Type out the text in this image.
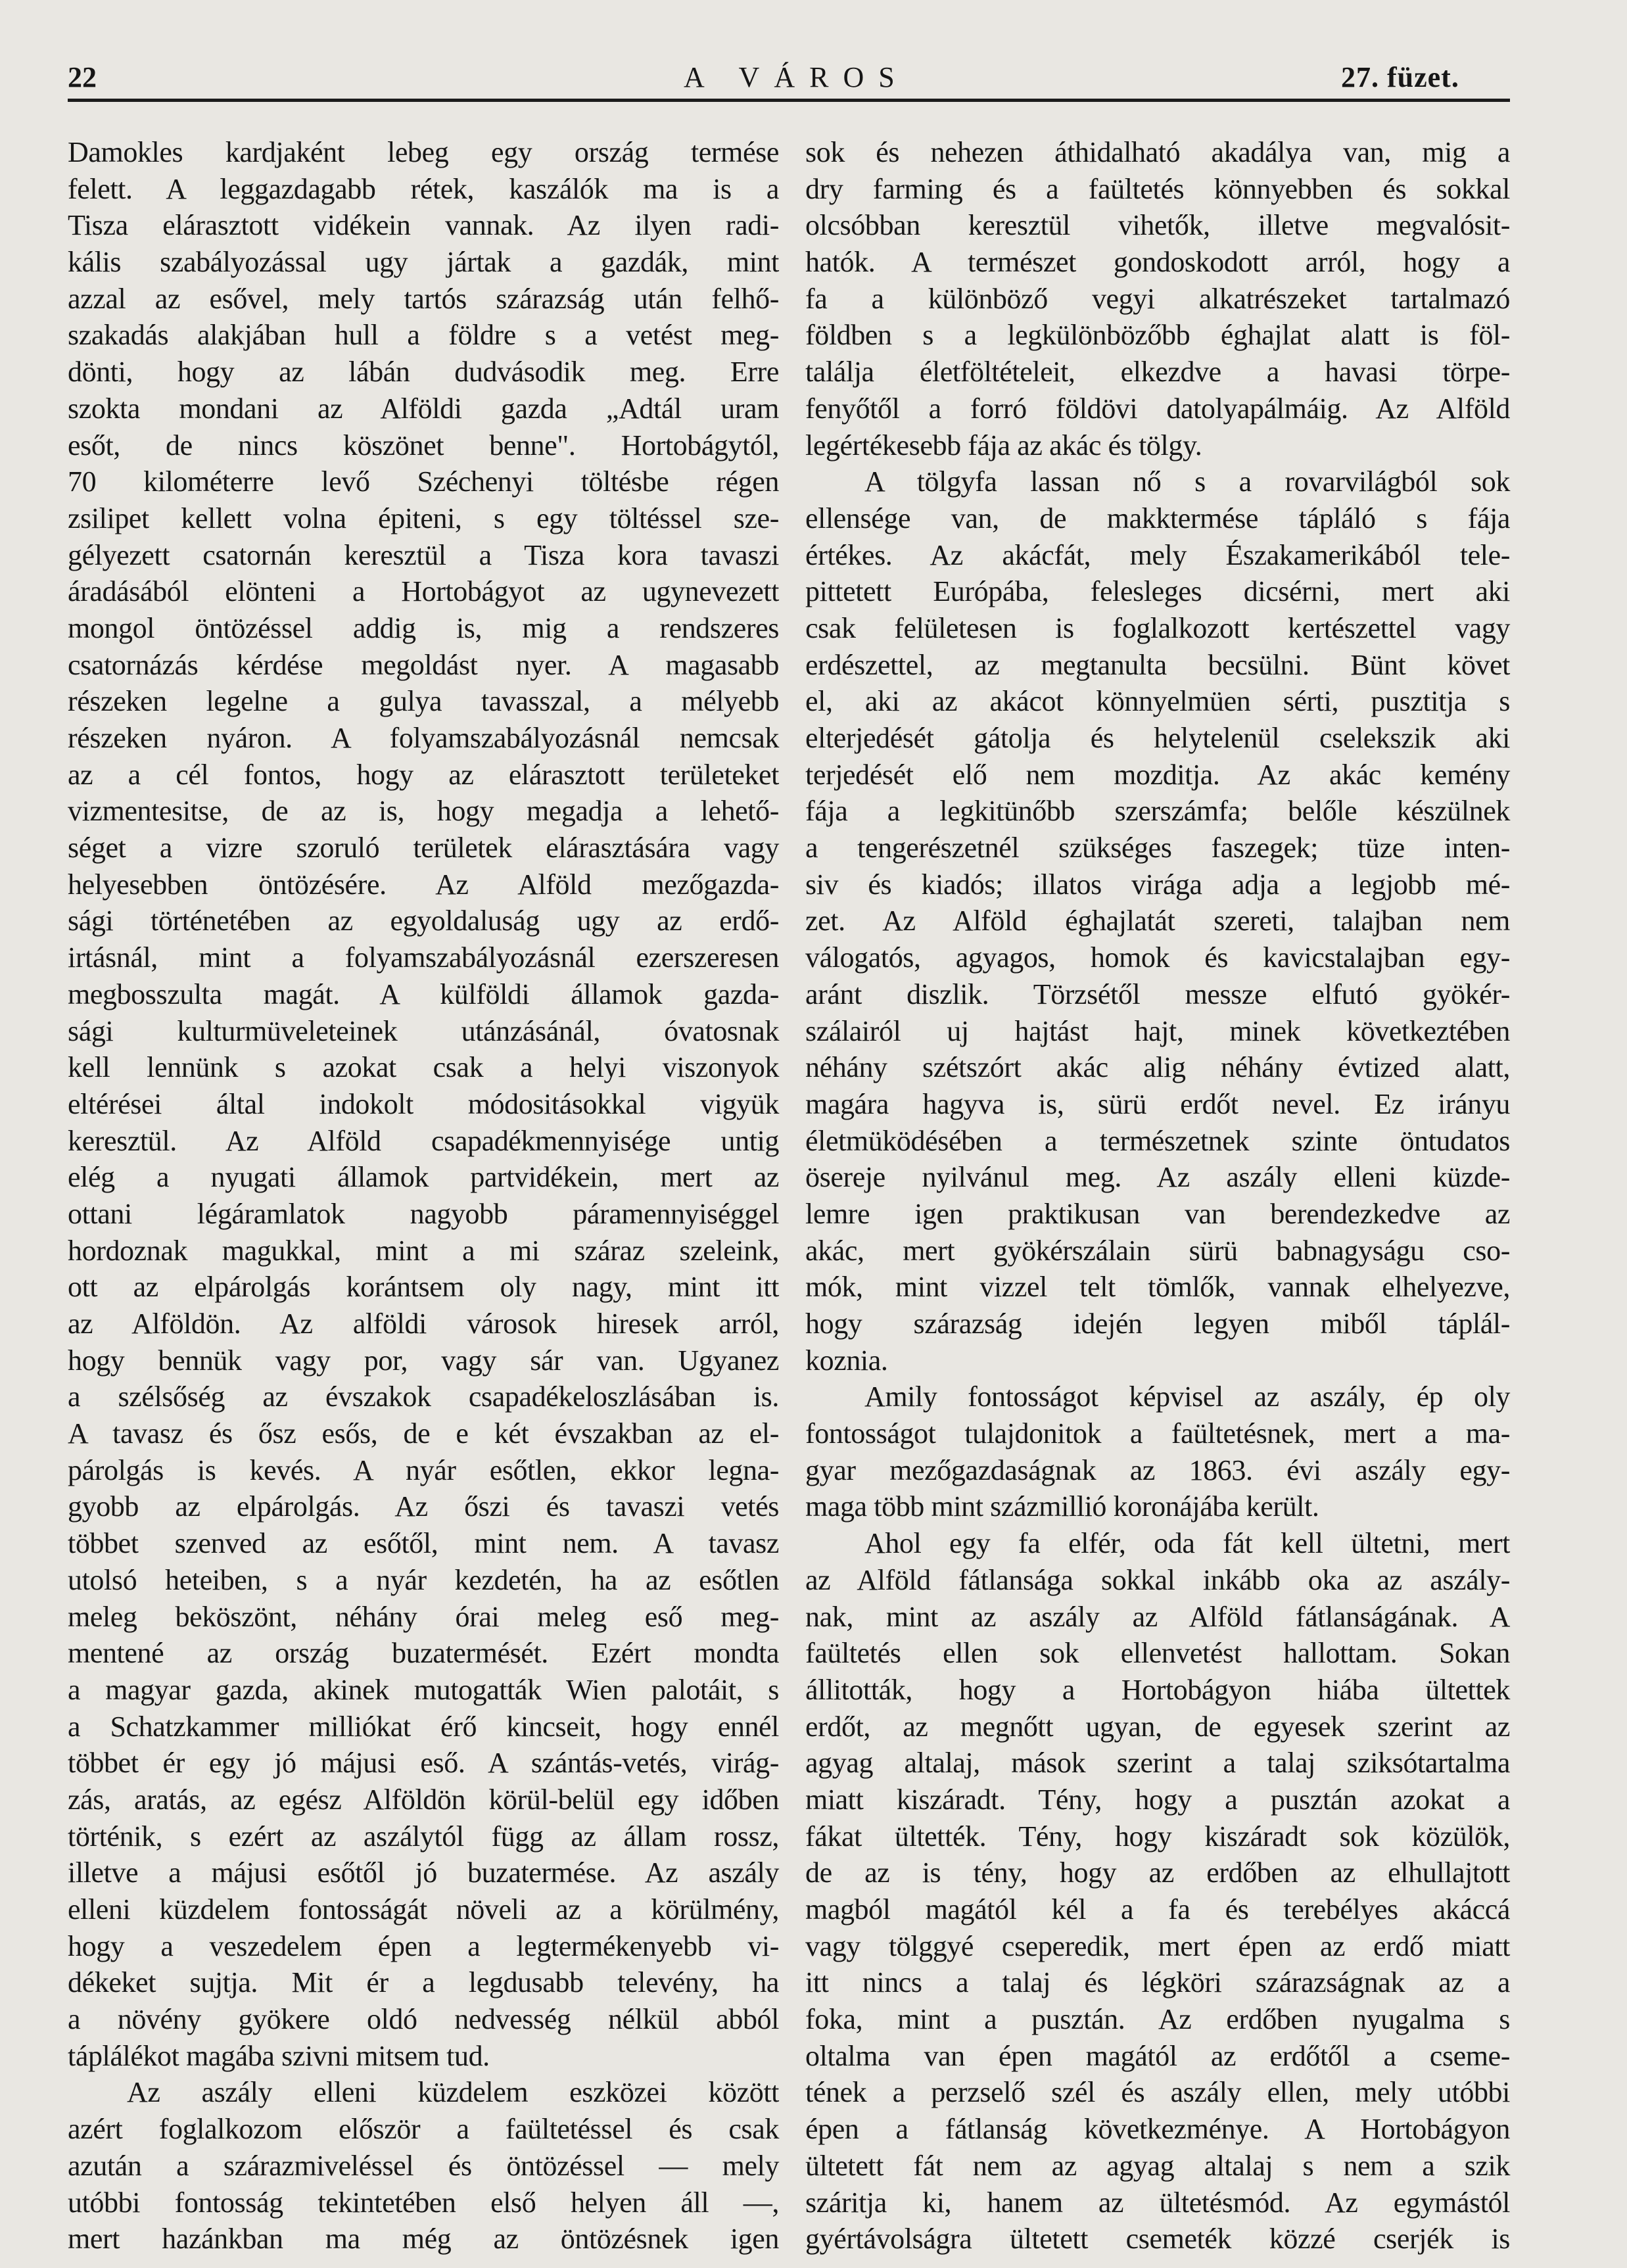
22	A VÁROS	27. füzet.
Damokles kardjaként lebeg egy ország termése
felett. A leggazdagabb rétek, kaszálók ma is a
Tisza elárasztott vidékein vannak. Az ilyen radi-
kális szabályozással ugy jártak a gazdák, mint
azzal az esővel, mely tartós szárazság után felhő-
szakadás alakjában hull a földre s a vetést meg-
dönti, hogy az lábán dudvásodik meg. Erre
szokta mondani az Alföldi gazda „Adtál uram
esőt, de nincs köszönet benne". Hortobágytól,
70 kilométerre levő Széchenyi töltésbe régen
zsilipet kellett volna épiteni, s egy töltéssel sze-
gélyezett csatornán keresztül a Tisza kora tavaszi
áradásából elönteni a Hortobágyot az ugynevezett
mongol öntözéssel addig is, mig a rendszeres
csatornázás kérdése megoldást nyer. A magasabb
részeken legelne a gulya tavasszal, a mélyebb
részeken nyáron. A folyamszabályozásnál nemcsak
az a cél fontos, hogy az elárasztott területeket
vizmentesitse, de az is, hogy megadja a lehető-
séget a vizre szoruló területek elárasztására vagy
helyesebben öntözésére. Az Alföld mezőgazda-
sági történetében az egyoldaluság ugy az erdő-
irtásnál, mint a folyamszabályozásnál ezerszeresen
megbosszulta magát. A külföldi államok gazda-
sági kulturmüveleteinek utánzásánál, óvatosnak
kell lennünk s azokat csak a helyi viszonyok
eltérései által indokolt módositásokkal vigyük
keresztül. Az Alföld csapadékmennyisége untig
elég a nyugati államok partvidékein, mert az
ottani légáramlatok nagyobb páramennyiséggel
hordoznak magukkal, mint a mi száraz szeleink,
ott az elpárolgás korántsem oly nagy, mint itt
az Alföldön. Az alföldi városok hiresek arról,
hogy bennük vagy por, vagy sár van. Ugyanez
a szélsőség az évszakok csapadékeloszlásában is.
A tavasz és ősz esős, de e két évszakban az el-
párolgás is kevés. A nyár esőtlen, ekkor legna-
gyobb az elpárolgás. Az őszi és tavaszi vetés
többet szenved az esőtől, mint nem. A tavasz
utolsó heteiben, s a nyár kezdetén, ha az esőtlen
meleg beköszönt, néhány órai meleg eső meg-
mentené az ország buzatermését. Ezért mondta
a magyar gazda, akinek mutogatták Wien palotáit, s
a Schatzkammer milliókat érő kincseit, hogy ennél
többet ér egy jó májusi eső. A szántás-vetés, virág-
zás, aratás, az egész Alföldön körül-belül egy időben
történik, s ezért az aszálytól függ az állam rossz,
illetve a májusi esőtől jó buzatermése. Az aszály
elleni küzdelem fontosságát növeli az a körülmény,
hogy a veszedelem épen a legtermékenyebb vi-
dékeket sujtja. Mit ér a legdusabb televény, ha
a növény gyökere oldó nedvesség nélkül abból
táplálékot magába szivni mitsem tud.
Az aszály elleni küzdelem eszközei között
azért foglalkozom először a faültetéssel és csak
azután a szárazmiveléssel és öntözéssel — mely
utóbbi fontosság tekintetében első helyen áll —,
mert hazánkban ma még az öntözésnek igen
sok és nehezen áthidalható akadálya van, mig a
dry farming és a faültetés könnyebben és sokkal
olcsóbban keresztül vihetők, illetve megvalósit-
hatók. A természet gondoskodott arról, hogy a
fa a különböző vegyi alkatrészeket tartalmazó
földben s a legkülönbözőbb éghajlat alatt is föl-
találja életföltételeit, elkezdve a havasi törpe-
fenyőtől a forró földövi datolyapálmáig. Az Alföld
legértékesebb fája az akác és tölgy.
A tölgyfa lassan nő s a rovarvilágból sok
ellensége van, de makktermése tápláló s fája
értékes. Az akácfát, mely Északamerikából tele-
pittetett Európába, felesleges dicsérni, mert aki
csak felületesen is foglalkozott kertészettel vagy
erdészettel, az megtanulta becsülni. Bünt követ
el, aki az akácot könnyelmüen sérti, pusztitja s
elterjedését gátolja és helytelenül cselekszik aki
terjedését elő nem mozditja. Az akác kemény
fája a legkitünőbb szerszámfa; belőle készülnek
a tengerészetnél szükséges faszegek; tüze inten-
siv és kiadós; illatos virága adja a legjobb mé-
zet. Az Alföld éghajlatát szereti, talajban nem
válogatós, agyagos, homok és kavicstalajban egy-
aránt diszlik. Törzsétől messze elfutó gyökér-
szálairól uj hajtást hajt, minek következtében
néhány szétszórt akác alig néhány évtized alatt,
magára hagyva is, sürü erdőt nevel. Ez irányu
életmüködésében a természetnek szinte öntudatos
ösereje nyilvánul meg. Az aszály elleni küzde-
lemre igen praktikusan van berendezkedve az
akác, mert gyökérszálain sürü babnagyságu cso-
mók, mint vizzel telt tömlők, vannak elhelyezve,
hogy szárazság idején legyen miből táplál-
koznia.
Amily fontosságot képvisel az aszály, ép oly
fontosságot tulajdonitok a faültetésnek, mert a ma-
gyar mezőgazdaságnak az 1863. évi aszály egy-
maga több mint százmillió koronájába került.
Ahol egy fa elfér, oda fát kell ültetni, mert
az Alföld fátlansága sokkal inkább oka az aszály-
nak, mint az aszály az Alföld fátlanságának. A
faültetés ellen sok ellenvetést hallottam. Sokan
állitották, hogy a Hortobágyon hiába ültettek
erdőt, az megnőtt ugyan, de egyesek szerint az
agyag altalaj, mások szerint a talaj sziksótartalma
miatt kiszáradt. Tény, hogy a pusztán azokat a
fákat ültették. Tény, hogy kiszáradt sok közülök,
de az is tény, hogy az erdőben az elhullajtott
magból magától kél a fa és terebélyes akáccá
vagy tölggyé cseperedik, mert épen az erdő miatt
itt nincs a talaj és légköri szárazságnak az a
foka, mint a pusztán. Az erdőben nyugalma s
oltalma van épen magától az erdőtől a cseme-
tének a perzselő szél és aszály ellen, mely utóbbi
épen a fátlanság következménye. A Hortobágyon
ültetett fát nem az agyag altalaj s nem a szik
száritja ki, hanem az ültetésmód. Az egymástól
gyértávolságra ültetett csemeték közzé cserjék is
